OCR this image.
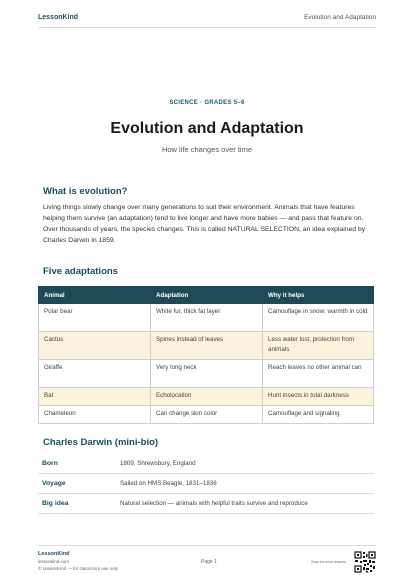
LessonKind	Evolution and Adaptation
SCIENCE · GRADES 5–6
Evolution and Adaptation
How life changes over time
What is evolution?

Living things slowly change over many generations to suit their environment. Animals that have features helping them survive (an adaptation) tend to live longer and have more babies — and pass that feature on. Over thousands of years, the species changes. This is called NATURAL SELECTION, an idea explained by Charles Darwin in 1859.

Five adaptations
Animal	Adaptation	Why it helps
Polar bear	White fur, thick fat layer	Camouflage in snow; warmth in cold
Cactus	Spines instead of leaves	Less water lost; protection from animals
Giraffe	Very long neck	Reach leaves no other animal can
Bat	Echolocation	Hunt insects in total darkness
Chameleon	Can change skin color	Camouflage and signaling
Charles Darwin (mini-bio)
Born	1809, Shrewsbury, England
Voyage	Sailed on HMS Beagle, 1831–1836
Big idea	Natural selection — animals with helpful traits survive and reproduce
LessonKind
lessonkind.com
© LessonKind — for classroom use only
Page 1	Scan for more lessons
